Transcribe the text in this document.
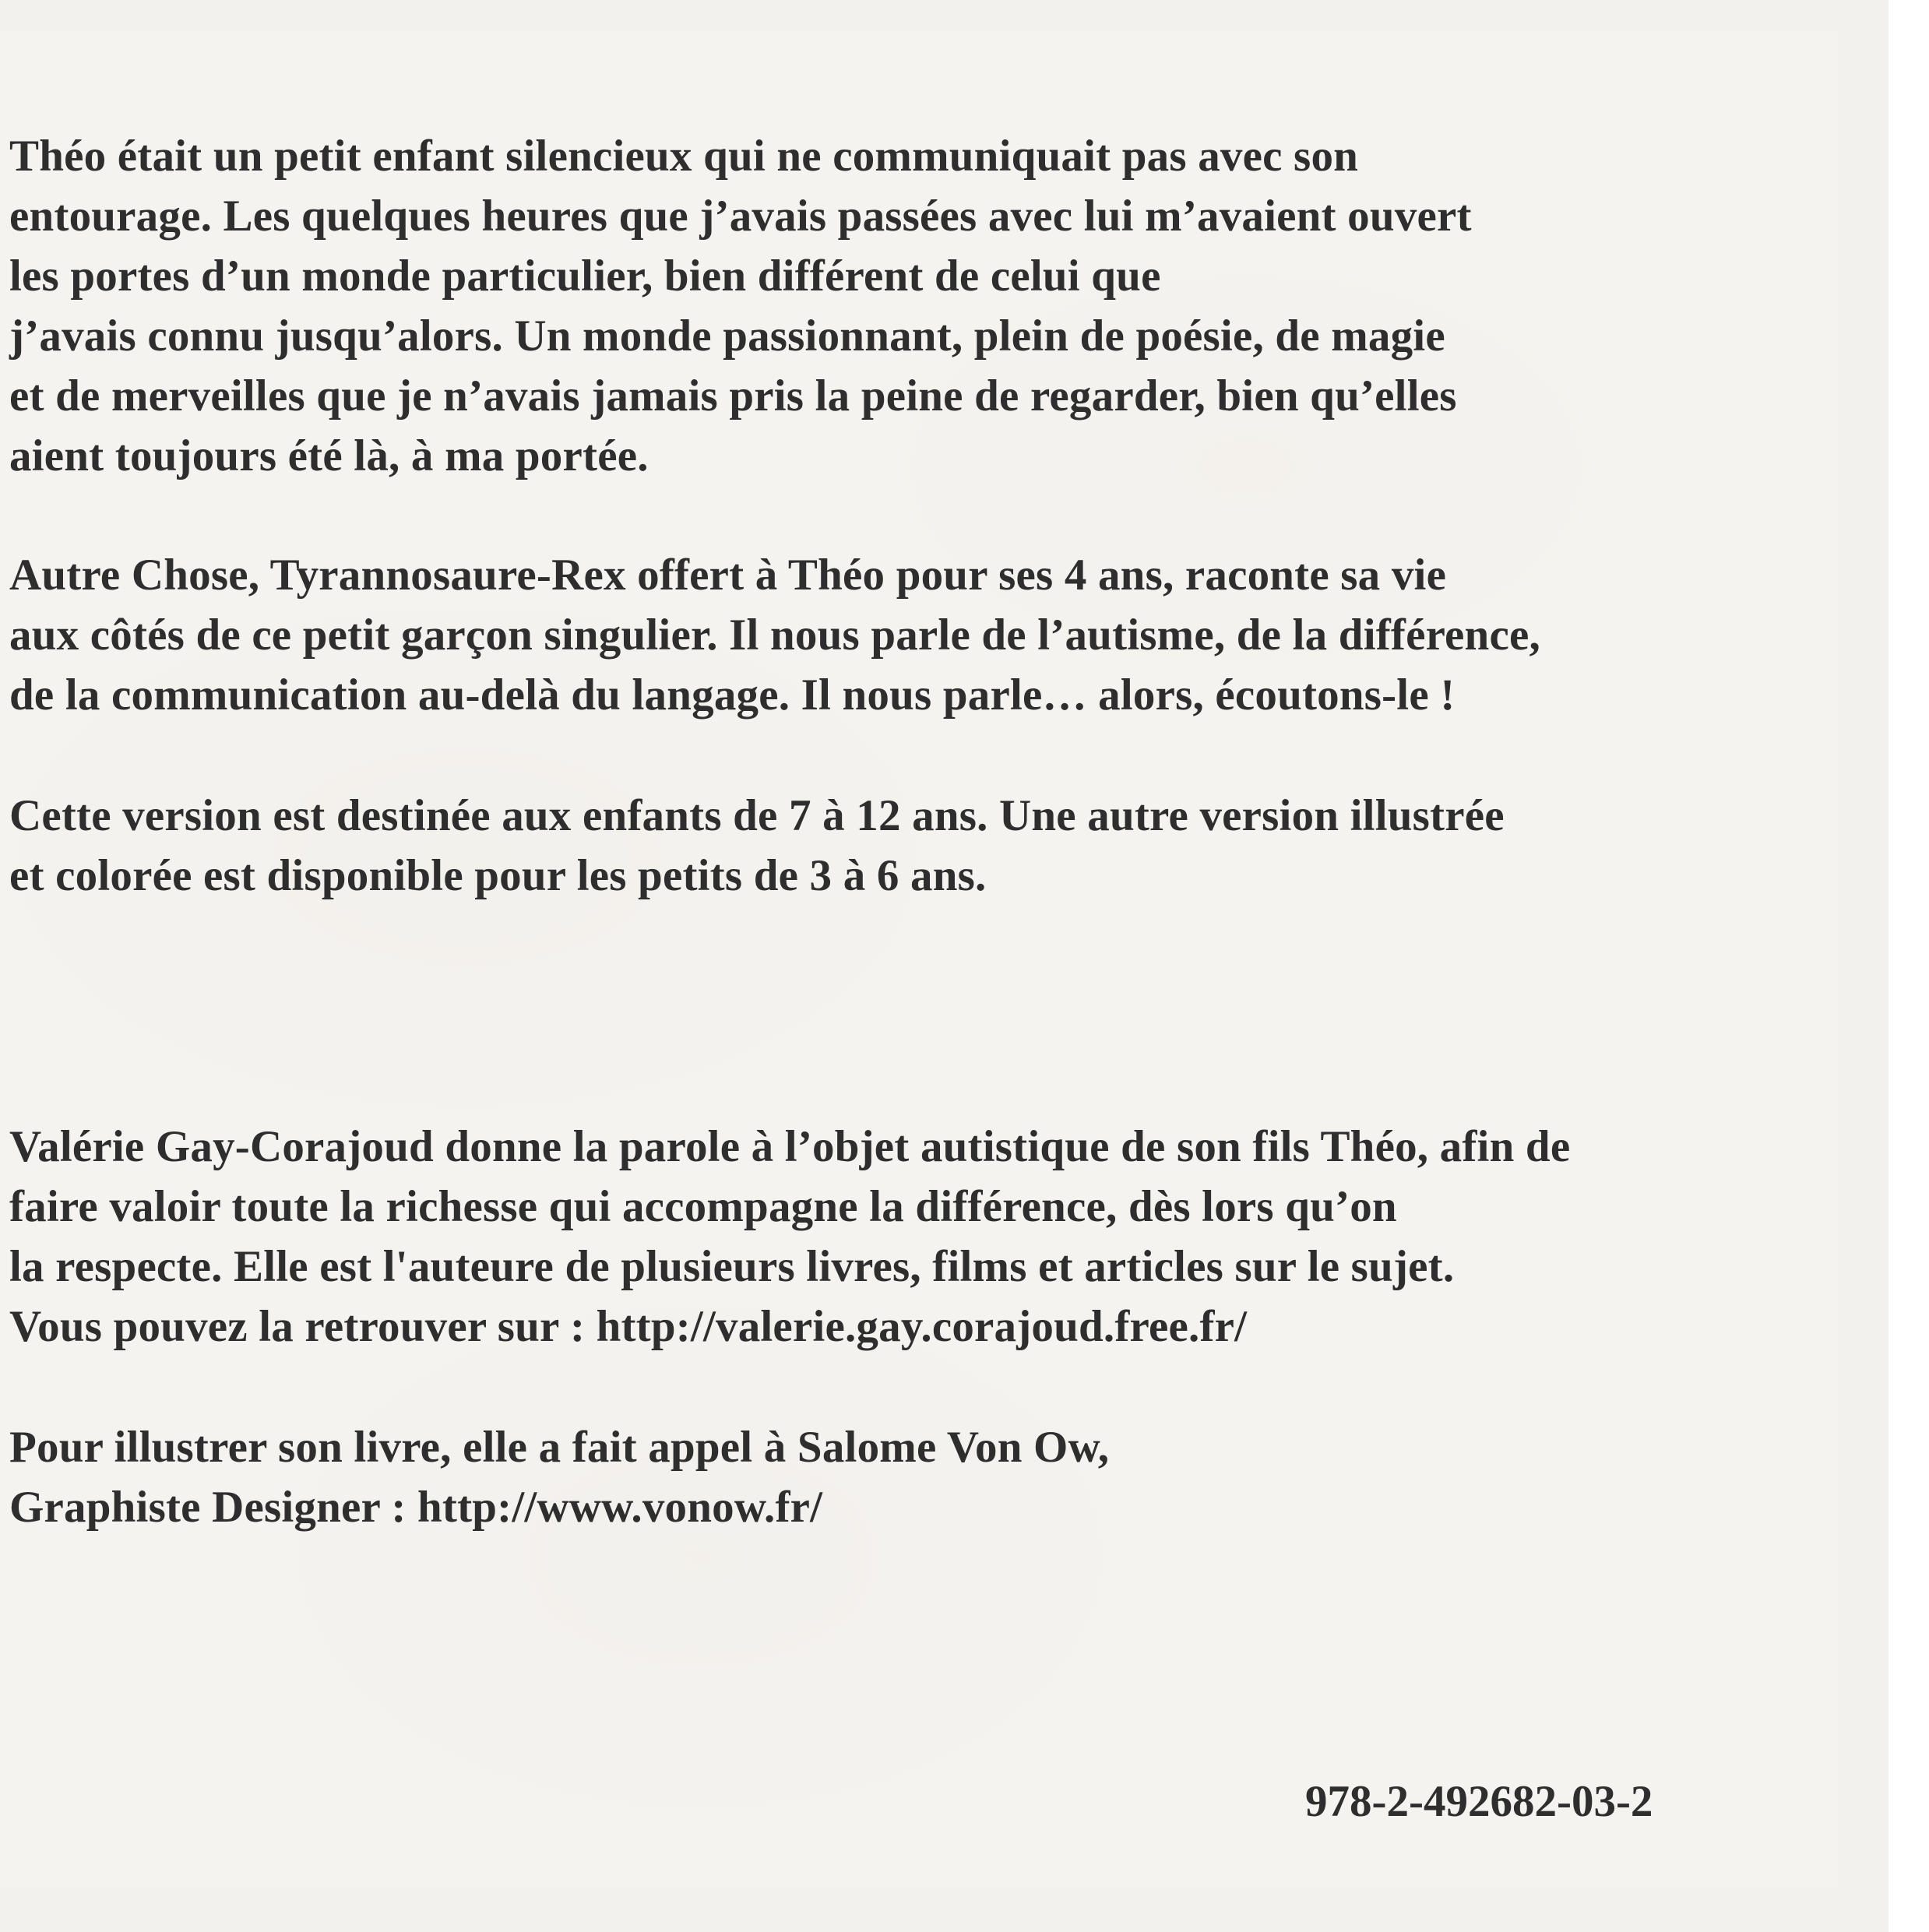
Théo était un petit enfant silencieux qui ne communiquait pas avec son
entourage. Les quelques heures que j’avais passées avec lui m’avaient ouvert
les portes d’un monde particulier, bien différent de celui que
j’avais connu jusqu’alors. Un monde passionnant, plein de poésie, de magie
et de merveilles que je n’avais jamais pris la peine de regarder, bien qu’elles
aient toujours été là, à ma portée.
Autre Chose, Tyrannosaure-Rex offert à Théo pour ses 4 ans, raconte sa vie
aux côtés de ce petit garçon singulier. Il nous parle de l’autisme, de la différence,
de la communication au-delà du langage. Il nous parle… alors, écoutons-le !
Cette version est destinée aux enfants de 7 à 12 ans. Une autre version illustrée
et colorée est disponible pour les petits de 3 à 6 ans.
Valérie Gay-Corajoud donne la parole à l’objet autistique de son fils Théo, afin de
faire valoir toute la richesse qui accompagne la différence, dès lors qu’on
la respecte. Elle est l'auteure de plusieurs livres, films et articles sur le sujet.
Vous pouvez la retrouver sur : http://valerie.gay.corajoud.free.fr/
Pour illustrer son livre, elle a fait appel à Salome Von Ow,
Graphiste Designer : http://www.vonow.fr/
978-2-492682-03-2
